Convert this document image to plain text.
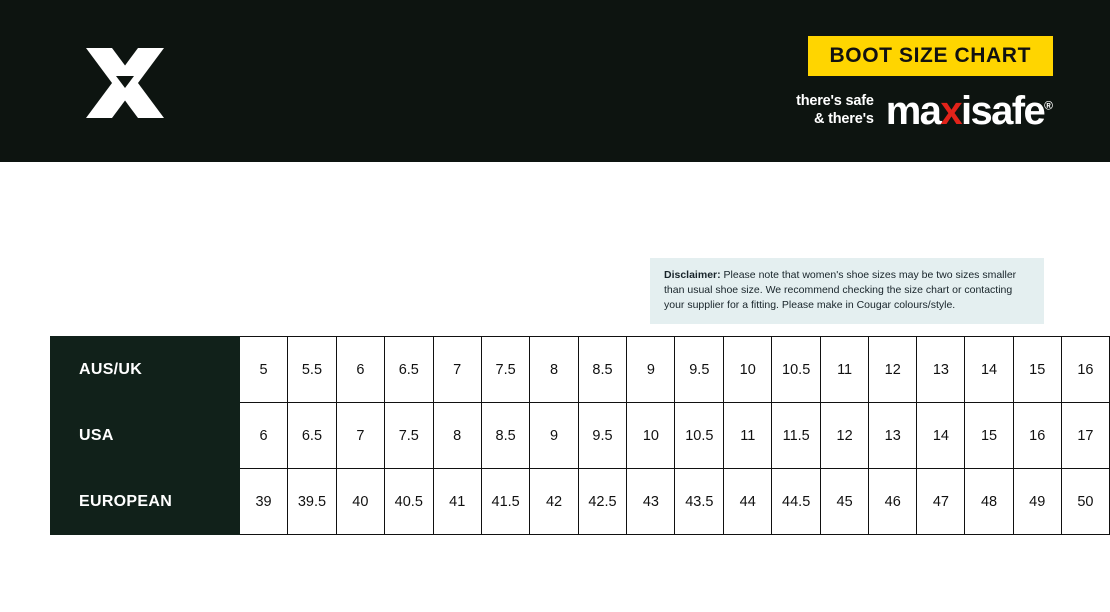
BOOT SIZE CHART
there's safe
& there's maxisafe®
Disclaimer: Please note that women's shoe sizes may be two sizes smaller than usual shoe size. We recommend checking the size chart or contacting your supplier for a fitting. Please make in Cougar colours/style.
AUS/UK	5	5.5	6	6.5	7	7.5	8	8.5	9	9.5	10	10.5	11	12	13	14	15	16
USA	6	6.5	7	7.5	8	8.5	9	9.5	10	10.5	11	11.5	12	13	14	15	16	17
EUROPEAN	39	39.5	40	40.5	41	41.5	42	42.5	43	43.5	44	44.5	45	46	47	48	49	50
